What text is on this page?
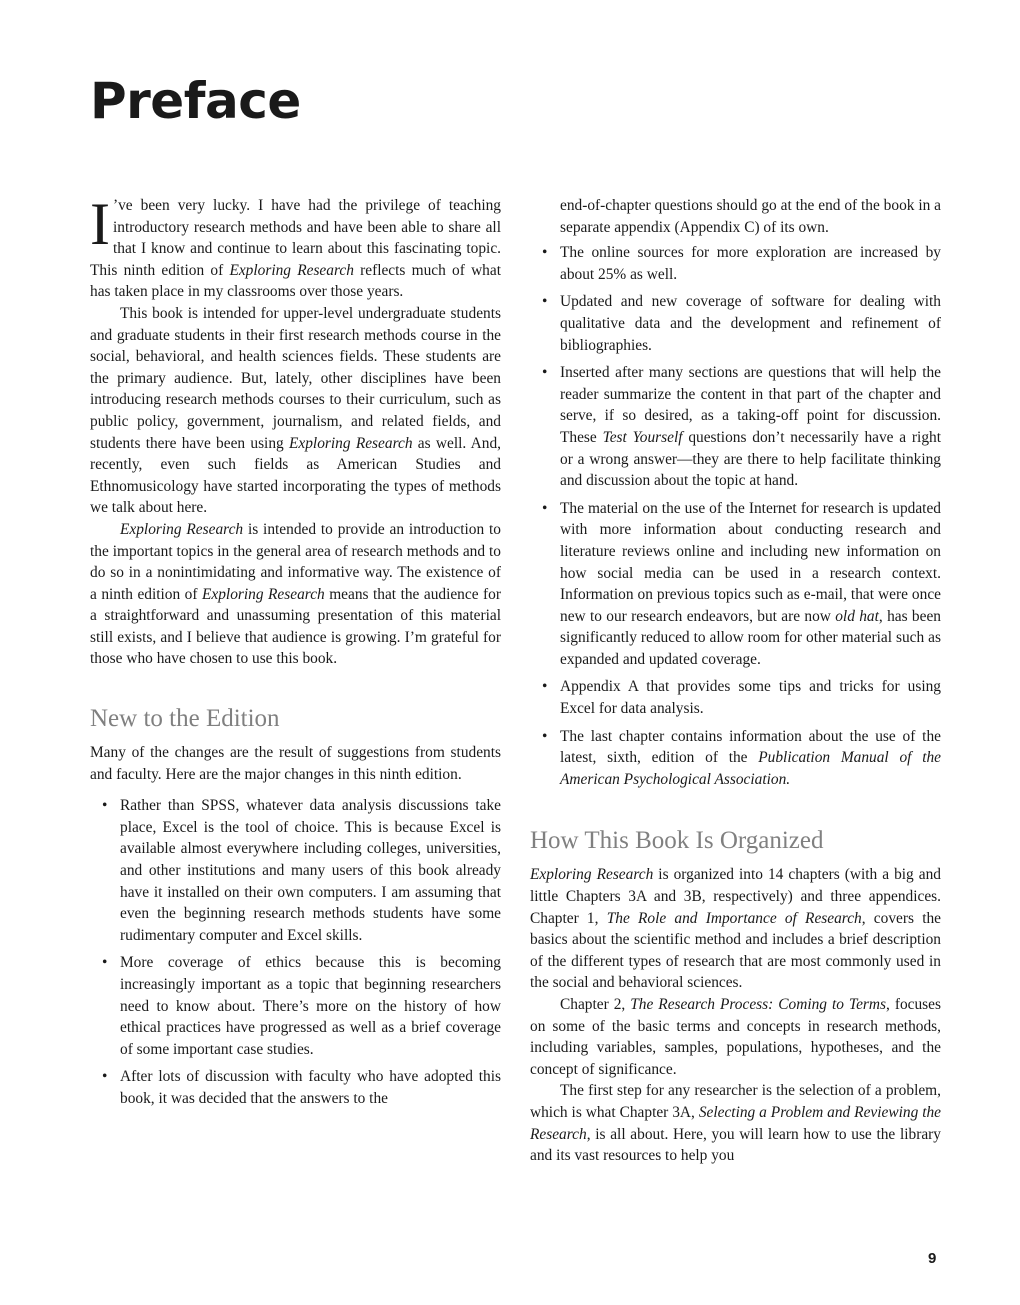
Preface

I ’ve been very lucky. I have had the privilege of teaching introductory research methods and have been able to share all that I know and continue to learn about this fascinating topic. This ninth edition of Exploring Research reflects much of what has taken place in my classrooms over those years.

This book is intended for upper-level undergraduate students and graduate students in their first research methods course in the social, behavioral, and health sciences fields. These students are the primary audience. But, lately, other disciplines have been introducing research methods courses to their curriculum, such as public policy, government, journalism, and related fields, and students there have been using Exploring Research as well. And, recently, even such fields as American Studies and Ethnomusicology have started incorporating the types of methods we talk about here.

Exploring Research is intended to provide an introduction to the important topics in the general area of research methods and to do so in a nonintimidating and informative way. The existence of a ninth edition of Exploring Research means that the audience for a straightforward and unassuming presentation of this material still exists, and I believe that audience is growing. I’m grateful for those who have chosen to use this book.

New to the Edition

Many of the changes are the result of suggestions from students and faculty. Here are the major changes in this ninth edition.

• Rather than SPSS, whatever data analysis discussions take place, Excel is the tool of choice. This is because Excel is available almost everywhere including colleges, universities, and other institutions and many users of this book already have it installed on their own computers. I am assuming that even the beginning research methods students have some rudimentary computer and Excel skills.
• More coverage of ethics because this is becoming increasingly important as a topic that beginning researchers need to know about. There’s more on the history of how ethical practices have progressed as well as a brief coverage of some important case studies.
• After lots of discussion with faculty who have adopted this book, it was decided that the answers to the
end-of-chapter questions should go at the end of the book in a separate appendix (Appendix C) of its own.
• The online sources for more exploration are increased by about 25% as well.
• Updated and new coverage of software for dealing with qualitative data and the development and refinement of bibliographies.
• Inserted after many sections are questions that will help the reader summarize the content in that part of the chapter and serve, if so desired, as a taking-off point for discussion. These Test Yourself questions don’t necessarily have a right or a wrong answer—they are there to help facilitate thinking and discussion about the topic at hand.
• The material on the use of the Internet for research is updated with more information about conducting research and literature reviews online and including new information on how social media can be used in a research context. Information on previous topics such as e-mail, that were once new to our research endeavors, but are now old hat, has been significantly reduced to allow room for other material such as expanded and updated coverage.
• Appendix A that provides some tips and tricks for using Excel for data analysis.
• The last chapter contains information about the use of the latest, sixth, edition of the Publication Manual of the American Psychological Association.
How This Book Is Organized

Exploring Research is organized into 14 chapters (with a big and little Chapters 3A and 3B, respectively) and three appendices. Chapter 1, The Role and Importance of Research, covers the basics about the scientific method and includes a brief description of the different types of research that are most commonly used in the social and behavioral sciences.

Chapter 2, The Research Process: Coming to Terms, focuses on some of the basic terms and concepts in research methods, including variables, samples, populations, hypotheses, and the concept of significance.

The first step for any researcher is the selection of a problem, which is what Chapter 3A, Selecting a Problem and Reviewing the Research, is all about. Here, you will learn how to use the library and its vast resources to help you

9
